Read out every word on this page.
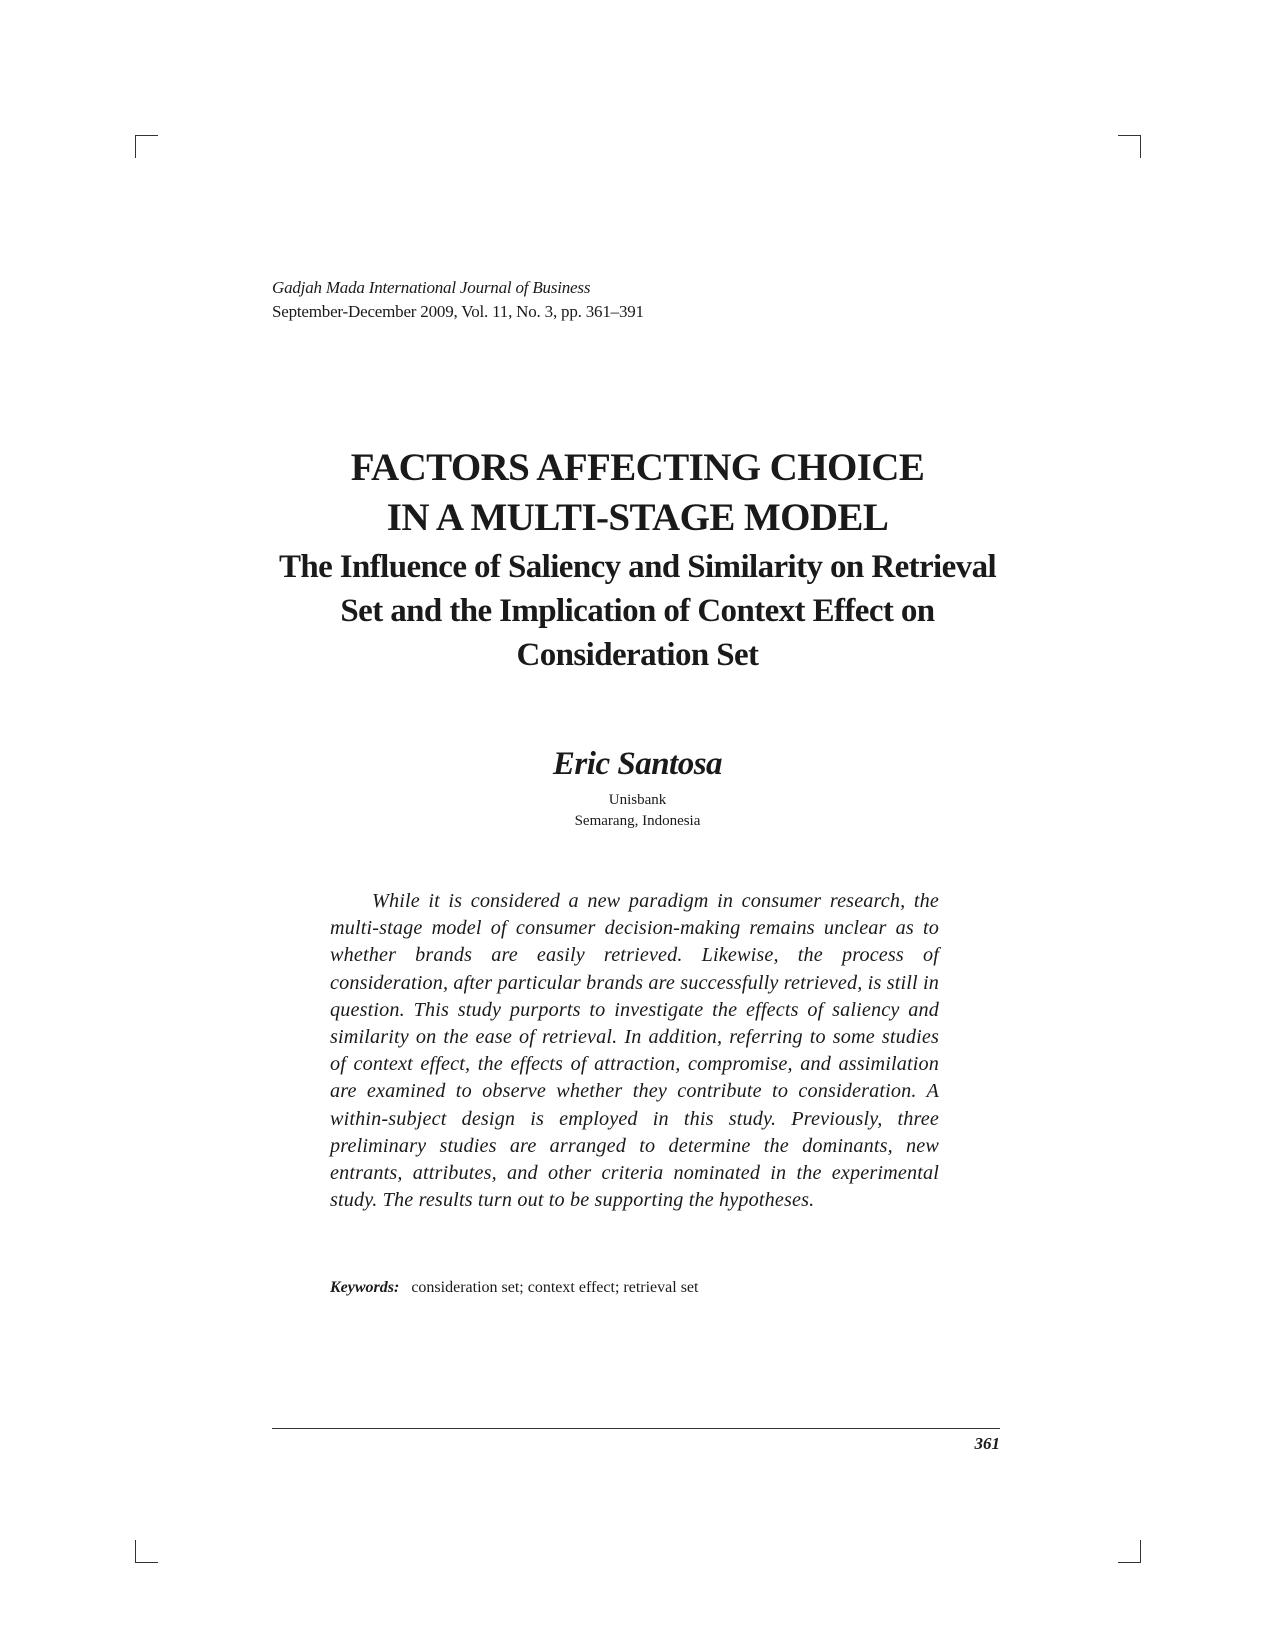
Gadjah Mada International Journal of Business
September-December 2009, Vol. 11, No. 3, pp. 361–391
FACTORS AFFECTING CHOICE
IN A MULTI-STAGE MODEL
The Influence of Saliency and Similarity on Retrieval Set and the Implication of Context Effect on Consideration Set
Eric Santosa
Unisbank
Semarang, Indonesia

While it is considered a new paradigm in consumer research, the multi-stage model of consumer decision-making remains unclear as to whether brands are easily retrieved. Likewise, the process of consideration, after particular brands are successfully retrieved, is still in question. This study purports to investigate the effects of saliency and similarity on the ease of retrieval. In addition, referring to some studies of context effect, the effects of attraction, compromise, and assimilation are examined to observe whether they contribute to consideration. A within-subject design is employed in this study. Previously, three preliminary studies are arranged to determine the dominants, new entrants, attributes, and other criteria nominated in the experimental study. The results turn out to be supporting the hypotheses.

Keywords: consideration set; context effect; retrieval set
361
